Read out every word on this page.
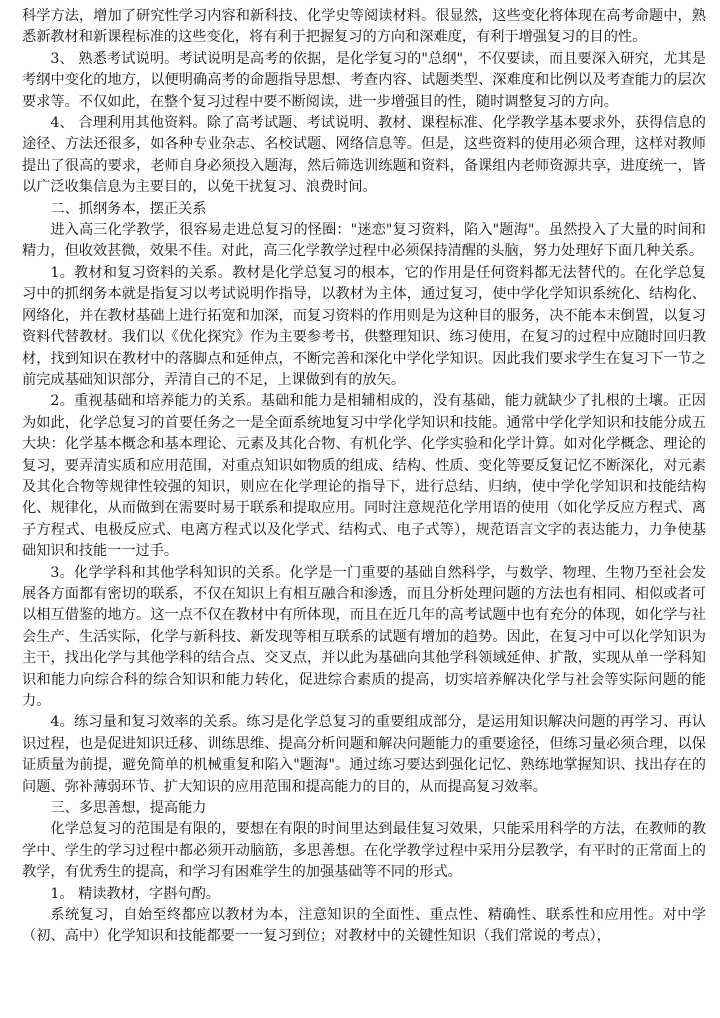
科学方法，增加了研究性学习内容和新科技、化学史等阅读材料。很显然，这些变化将体现在高考命题中，熟悉新教材和新课程标准的这些变化，将有利于把握复习的方向和深难度，有利于增强复习的目的性。

3、 熟悉考试说明。考试说明是高考的依据，是化学复习的"总纲"，不仅要读，而且要深入研究，尤其是考纲中变化的地方，以便明确高考的命题指导思想、考查内容、试题类型、深难度和比例以及考查能力的层次要求等。不仅如此，在整个复习过程中要不断阅读，进一步增强目的性，随时调整复习的方向。

4、 合理利用其他资料。除了高考试题、考试说明、教材、课程标准、化学教学基本要求外，获得信息的途径、方法还很多，如各种专业杂志、名校试题、网络信息等。但是，这些资料的使用必须合理，这样对教师提出了很高的要求，老师自身必须投入题海，然后筛选训练题和资料，备课组内老师资源共享，进度统一，皆以广泛收集信息为主要目的，以免干扰复习、浪费时间。

二、抓纲务本，摆正关系

进入高三化学教学，很容易走进总复习的怪圈："迷恋"复习资料，陷入"题海"。虽然投入了大量的时间和精力，但收效甚微，效果不佳。对此，高三化学教学过程中必须保持清醒的头脑，努力处理好下面几种关系。

1。教材和复习资料的关系。教材是化学总复习的根本，它的作用是任何资料都无法替代的。在化学总复习中的抓纲务本就是指复习以考试说明作指导，以教材为主体，通过复习，使中学化学知识系统化、结构化、网络化，并在教材基础上进行拓宽和加深，而复习资料的作用则是为这种目的服务，决不能本末倒置，以复习资料代替教材。我们以《优化探究》作为主要参考书，供整理知识、练习使用，在复习的过程中应随时回归教材，找到知识在教材中的落脚点和延伸点，不断完善和深化中学化学知识。因此我们要求学生在复习下一节之前完成基础知识部分，弄清自己的不足，上课做到有的放矢。

2。重视基础和培养能力的关系。基础和能力是相辅相成的，没有基础，能力就缺少了扎根的土壤。正因为如此，化学总复习的首要任务之一是全面系统地复习中学化学知识和技能。通常中学化学知识和技能分成五大块：化学基本概念和基本理论、元素及其化合物、有机化学、化学实验和化学计算。如对化学概念、理论的复习，要弄清实质和应用范围，对重点知识如物质的组成、结构、性质、变化等要反复记忆不断深化，对元素及其化合物等规律性较强的知识，则应在化学理论的指导下，进行总结、归纳，使中学化学知识和技能结构化、规律化，从而做到在需要时易于联系和提取应用。同时注意规范化学用语的使用（如化学反应方程式、离子方程式、电极反应式、电离方程式以及化学式、结构式、电子式等），规范语言文字的表达能力，力争使基础知识和技能一一过手。

3。化学学科和其他学科知识的关系。化学是一门重要的基础自然科学，与数学、物理、生物乃至社会发展各方面都有密切的联系，不仅在知识上有相互融合和渗透，而且分析处理问题的方法也有相同、相似或者可以相互借鉴的地方。这一点不仅在教材中有所体现，而且在近几年的高考试题中也有充分的体现，如化学与社会生产、生活实际，化学与新科技、新发现等相互联系的试题有增加的趋势。因此，在复习中可以化学知识为主干，找出化学与其他学科的结合点、交叉点，并以此为基础向其他学科领域延伸、扩散，实现从单一学科知识和能力向综合科的综合知识和能力转化，促进综合素质的提高，切实培养解决化学与社会等实际问题的能力。

4。练习量和复习效率的关系。练习是化学总复习的重要组成部分，是运用知识解决问题的再学习、再认识过程，也是促进知识迁移、训练思维、提高分析问题和解决问题能力的重要途径，但练习量必须合理，以保证质量为前提，避免简单的机械重复和陷入"题海"。通过练习要达到强化记忆、熟练地掌握知识、找出存在的问题、弥补薄弱环节、扩大知识的应用范围和提高能力的目的，从而提高复习效率。

三、多思善想，提高能力

化学总复习的范围是有限的，要想在有限的时间里达到最佳复习效果，只能采用科学的方法，在教师的教学中、学生的学习过程中都必须开动脑筋，多思善想。在化学教学过程中采用分层教学，有平时的正常面上的教学，有优秀生的提高，和学习有困难学生的加强基础等不同的形式。

1。 精读教材，字斟句酌。

系统复习，自始至终都应以教材为本，注意知识的全面性、重点性、精确性、联系性和应用性。对中学（初、高中）化学知识和技能都要一一复习到位；对教材中的关键性知识（我们常说的考点），
